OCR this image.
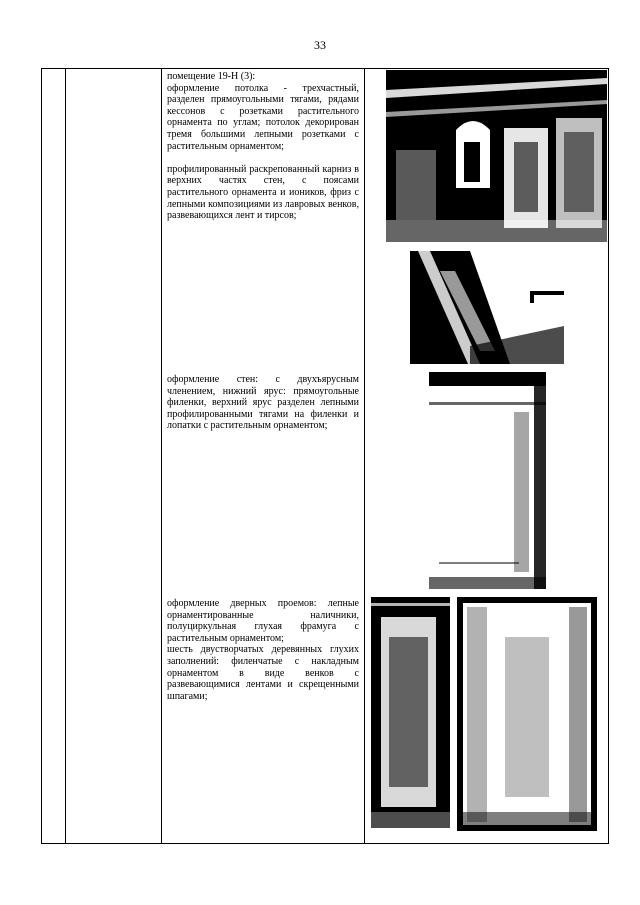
33

помещение 19-Н (3):

оформление потолка - трехчастный, разделен прямоугольными тягами, рядами кессонов с розетками растительного орнамента по углам; потолок декорирован тремя большими лепными розетками с растительным орнаментом;

профилированный раскрепованный карниз в верхних частях стен, с поясами растительного орнамента и иоников, фриз с лепными композициями из лавровых венков, развевающихся лент и тирсов;

оформление стен: с двухъярусным членением, нижний ярус: прямоугольные филенки, верхний ярус разделен лепными профилированными тягами на филенки и лопатки с растительным орнаментом;

оформление дверных проемов: лепные орнаментированные наличники, полуциркульная глухая фрамуга с растительным орнаментом;

шесть двустворчатых деревянных глухих заполнений: филенчатые с накладным орнаментом в виде венков с развевающимися лентами и скрещенными шпагами;
